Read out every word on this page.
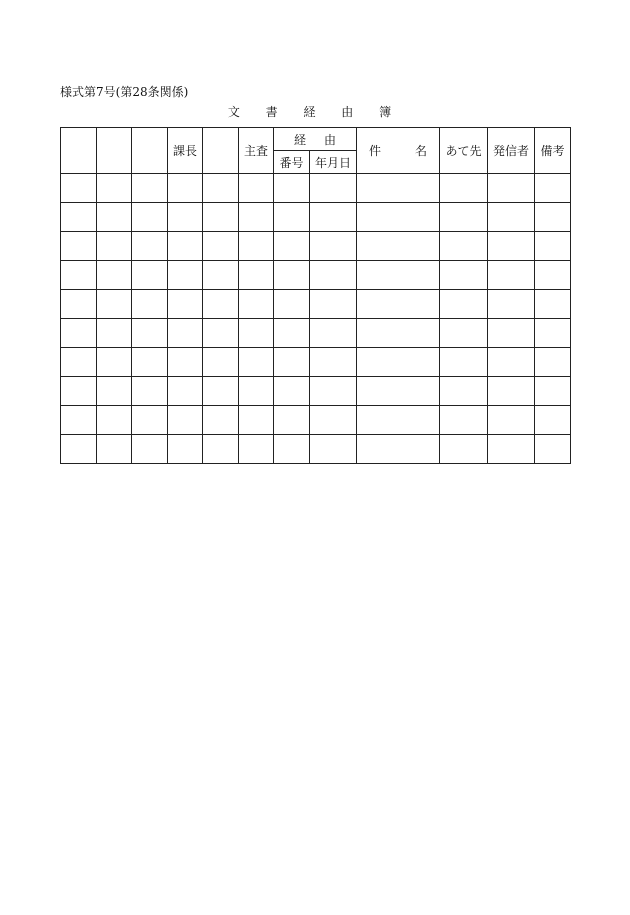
様式第7号(第28条関係)
文 書 経 由 簿
			課長		主査	経 由		件 名	あて先	発信者	備考
						番号	年月日				
